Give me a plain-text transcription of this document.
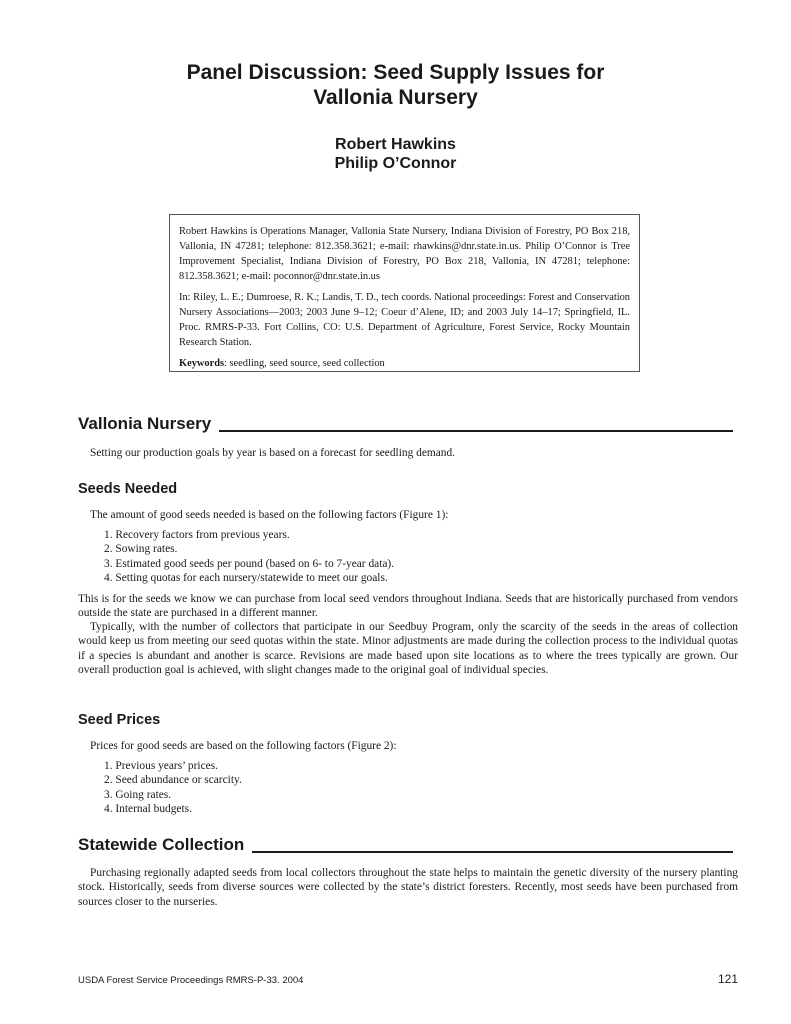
Panel Discussion: Seed Supply Issues for
Vallonia Nursery
Robert Hawkins
Philip O’Connor

Robert Hawkins is Operations Manager, Vallonia State Nursery, Indiana Division of Forestry, PO Box 218, Vallonia, IN 47281; telephone: 812.358.3621; e-mail: rhawkins@dnr.state.in.us. Philip O’Connor is Tree Improvement Specialist, Indiana Division of Forestry, PO Box 218, Vallonia, IN 47281; telephone: 812.358.3621; e-mail: poconnor@dnr.state.in.us

In: Riley, L. E.; Dumroese, R. K.; Landis, T. D., tech coords. National proceedings: Forest and Conservation Nursery Associations—2003; 2003 June 9–12; Coeur d’Alene, ID; and 2003 July 14–17; Springfield, IL. Proc. RMRS-P-33. Fort Collins, CO: U.S. Department of Agriculture, Forest Service, Rocky Mountain Research Station.

Keywords: seedling, seed source, seed collection

Vallonia Nursery

Setting our production goals by year is based on a forecast for seedling demand.

Seeds Needed

The amount of good seeds needed is based on the following factors (Figure 1):

1. Recovery factors from previous years.
2. Sowing rates.
3. Estimated good seeds per pound (based on 6- to 7-year data).
4. Setting quotas for each nursery/statewide to meet our goals.

This is for the seeds we know we can purchase from local seed vendors throughout Indiana. Seeds that are historically purchased from vendors outside the state are purchased in a different manner.

Typically, with the number of collectors that participate in our Seedbuy Program, only the scarcity of the seeds in the areas of collection would keep us from meeting our seed quotas within the state. Minor adjustments are made during the collection process to the individual quotas if a species is abundant and another is scarce. Revisions are made based upon site locations as to where the trees typically are grown. Our overall production goal is achieved, with slight changes made to the original goal of individual species.

Seed Prices

Prices for good seeds are based on the following factors (Figure 2):

1. Previous years’ prices.
2. Seed abundance or scarcity.
3. Going rates.
4. Internal budgets.
Statewide Collection

Purchasing regionally adapted seeds from local collectors throughout the state helps to maintain the genetic diversity of the nursery planting stock. Historically, seeds from diverse sources were collected by the state’s district foresters. Recently, most seeds have been purchased from sources closer to the nurseries.

USDA Forest Service Proceedings RMRS-P-33. 2004	121
